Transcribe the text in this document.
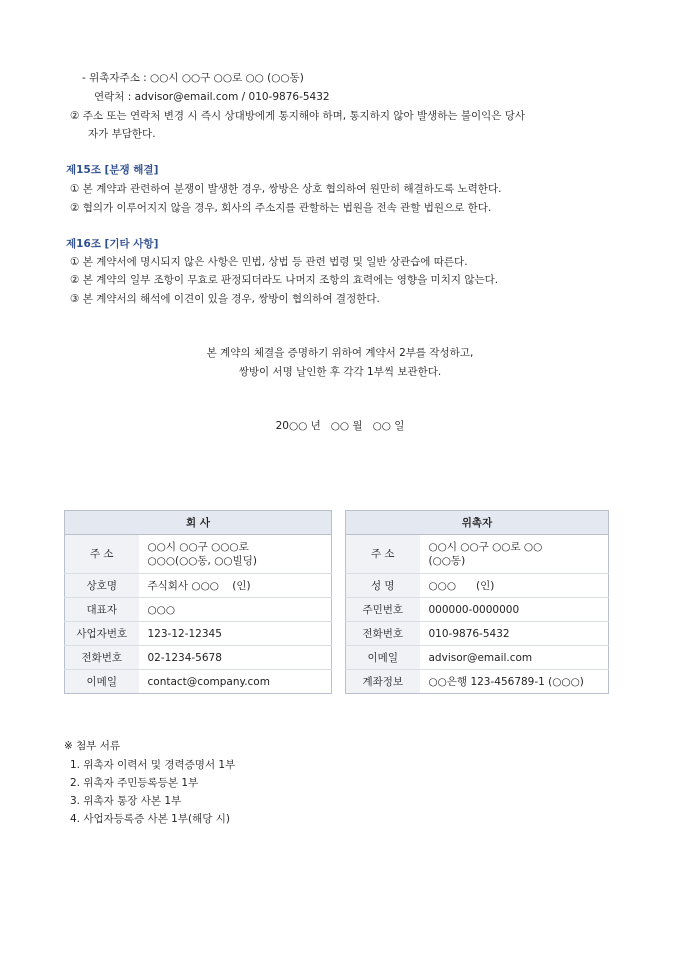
- 위촉자주소 : ○○시 ○○구 ○○로 ○○ (○○동)
연락처 : advisor@email.com / 010-9876-5432
② 주소 또는 연락처 변경 시 즉시 상대방에게 통지해야 하며, 통지하지 않아 발생하는 불이익은 당사
자가 부담한다.
제15조 [분쟁 해결]
① 본 계약과 관련하여 분쟁이 발생한 경우, 쌍방은 상호 협의하여 원만히 해결하도록 노력한다.
② 협의가 이루어지지 않을 경우, 회사의 주소지를 관할하는 법원을 전속 관할 법원으로 한다.
제16조 [기타 사항]
① 본 계약서에 명시되지 않은 사항은 민법, 상법 등 관련 법령 및 일반 상관습에 따른다.
② 본 계약의 일부 조항이 무효로 판정되더라도 나머지 조항의 효력에는 영향을 미치지 않는다.
③ 본 계약서의 해석에 이견이 있을 경우, 쌍방이 협의하여 결정한다.
본 계약의 체결을 증명하기 위하여 계약서 2부를 작성하고,
쌍방이 서명 날인한 후 각각 1부씩 보관한다.
20○○ 년   ○○ 월   ○○ 일
회 사	
주 소	○○시 ○○구 ○○○로
○○○(○○동, ○○빌딩)

상호명	주식회사 ○○○    (인)
대표자	○○○
사업자번호	123-12-12345
전화번호	02-1234-5678
이메일	contact@company.com
위촉자	
주 소	○○시 ○○구 ○○로 ○○
(○○동)

성 명	○○○      (인)
주민번호	000000-0000000
전화번호	010-9876-5432
이메일	advisor@email.com
계좌정보	○○은행 123-456789-1 (○○○)
※ 첨부 서류
1. 위촉자 이력서 및 경력증명서 1부
2. 위촉자 주민등록등본 1부
3. 위촉자 통장 사본 1부
4. 사업자등록증 사본 1부(해당 시)
